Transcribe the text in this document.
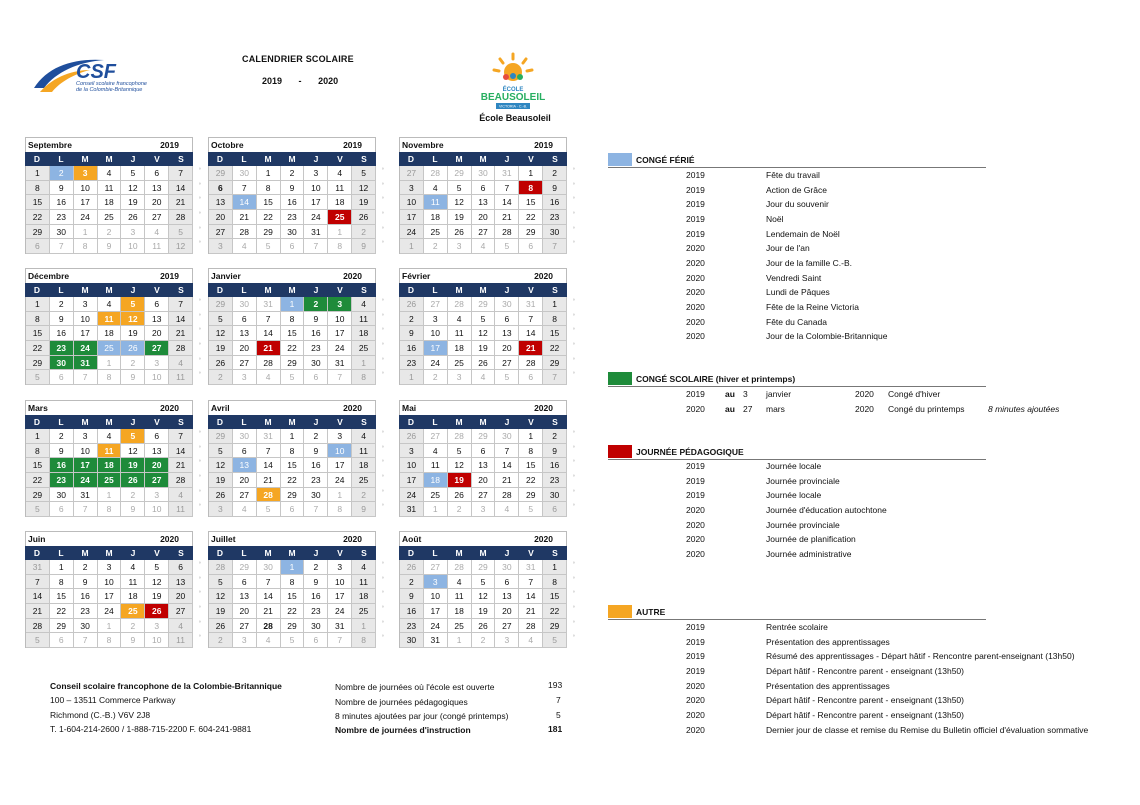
CSF
Conseil scolaire francophone
de la Colombie-Britannique
CALENDRIER SCOLAIRE
2019 - 2020
ÉCOLE
BEAUSOLEIL
VICTORIA · C.-B.
École Beausoleil
Septembre	2019
D	L	M	M	J	V	S
1	2	3	4	5	6	7	°
8	9	10	11	12	13	14 °
15	16	17	18	19	20	21 °
22	23	24	25	26	27	28 °
29	30	1	2	3	4	5	°
6	7	8	9	10	11	12 °
Octobre	2019
D	L	M	M	J	V	S
29	30	1	2	3	4	5	°
6	7	8	9	10	11	12 °
13	14	15	16	17	18	19 °
20	21	22	23	24	25	26 °
27	28	29	30	31	1	2	°
3	4	5	6	7	8	9	°
Novembre	2019
D	L	M	M	J	V	S
27	28	29	30	31	1	2	°
3	4	5	6	7	8	9	°
10	11	12	13	14	15	16 °
17	18	19	20	21	22	23 °
24	25	26	27	28	29	30 °
1	2	3	4	5	6	7	°
Décembre	2019
D	L	M	M	J	V	S
1	2	3	4	5	6	7	°
8	9	10	11	12	13	14 °
15	16	17	18	19	20	21 °
22	23	24	25	26	27	28 °
29	30	31	1	2	3	4	°
5	6	7	8	9	10	11 °
Janvier	2020
D	L	M	M	J	V	S
29	30	31	1	2	3	4	°
5	6	7	8	9	10	11 °
12	13	14	15	16	17	18 °
19	20	21	22	23	24	25 °
26	27	28	29	30	31	1	°
2	3	4	5	6	7	8	°
Février	2020
D	L	M	M	J	V	S
26	27	28	29	30	31	1	°
2	3	4	5	6	7	8	°
9	10	11	12	13	14	15 °
16	17	18	19	20	21	22 °
23	24	25	26	27	28	29 °
1	2	3	4	5	6	7	°
Mars	2020
D	L	M	M	J	V	S
1	2	3	4	5	6	7	°
8	9	10	11	12	13	14 °
15	16	17	18	19	20	21 °
22	23	24	25	26	27	28 °
29	30	31	1	2	3	4	°
5	6	7	8	9	10	11 °
Avril	2020
D	L	M	M	J	V	S
29	30	31	1	2	3	4	°
5	6	7	8	9	10	11 °
12	13	14	15	16	17	18 °
19	20	21	22	23	24	25 °
26	27	28	29	30	1	2	°
3	4	5	6	7	8	9	°
Mai	2020
D	L	M	M	J	V	S
26	27	28	29	30	1	2	°
3	4	5	6	7	8	9	°
10	11	12	13	14	15	16 °
17	18	19	20	21	22	23 °
24	25	26	27	28	29	30 °
31	1	2	3	4	5	6	°
Juin	2020
D	L	M	M	J	V	S
31	1	2	3	4	5	6	°
7	8	9	10	11	12	13 °
14	15	16	17	18	19	20 °
21	22	23	24	25	26	27 °
28	29	30	1	2	3	4	°
5	6	7	8	9	10	11 °
Juillet	2020
D	L	M	M	J	V	S
28	29	30	1	2	3	4	°
5	6	7	8	9	10	11 °
12	13	14	15	16	17	18 °
19	20	21	22	23	24	25 °
26	27	28	29	30	31	1	°
2	3	4	5	6	7	8	°
Août	2020
D	L	M	M	J	V	S
26	27	28	29	30	31	1	°
2	3	4	5	6	7	8	°
9	10	11	12	13	14	15 °
16	17	18	19	20	21	22 °
23	24	25	26	27	28	29 °
30	31	1	2	3	4	5	°
CONGÉ FÉRIÉ
2019	Fête du travail
2019	Action de Grâce
2019	Jour du souvenir
2019	Noël
2019	Lendemain de Noël
2020	Jour de l'an
2020	Jour de la famille C.-B.
2020	Vendredi Saint
2020	Lundi de Pâques
2020	Fête de la Reine Victoria
2020	Fête du Canada
2020	Jour de la Colombie-Britannique
JOURNÉE PÉDAGOGIQUE
2019	Journée locale
2019	Journée provinciale
2019	Journée locale
2020	Journée d'éducation autochtone
2020	Journée provinciale
2020	Journée de planification
2020	Journée administrative
AUTRE
2019	Rentrée scolaire
2019	Présentation des apprentissages
2019	Résumé des apprentissages - Départ hâtif - Rencontre parent-enseignant (13h50)
2019	Départ hâtif - Rencontre parent - enseignant (13h50)
2020	Présentation des apprentissages
2020	Départ hâtif - Rencontre parent - enseignant (13h50)
2020	Départ hâtif - Rencontre parent - enseignant (13h50)
2020	Dernier jour de classe et remise du Remise du Bulletin officiel d'évaluation sommative
CONGÉ SCOLAIRE (hiver et printemps)
2019 au 3 janvier	2020 Congé d'hiver
2020 au 27 mars	2020 Congé du printemps	8 minutes ajoutées
Conseil scolaire francophone de la Colombie-Britannique
100 – 13511 Commerce Parkway
Richmond (C.-B.) V6V 2J8
T. 1-604-214-2600 / 1-888-715-2200 F. 604-241-9881
Nombre de journées où l'école est ouverte	193
Nombre de journées pédagogiques	7
8 minutes ajoutées par jour (congé printemps)	5
Nombre de journées d'instruction	181
